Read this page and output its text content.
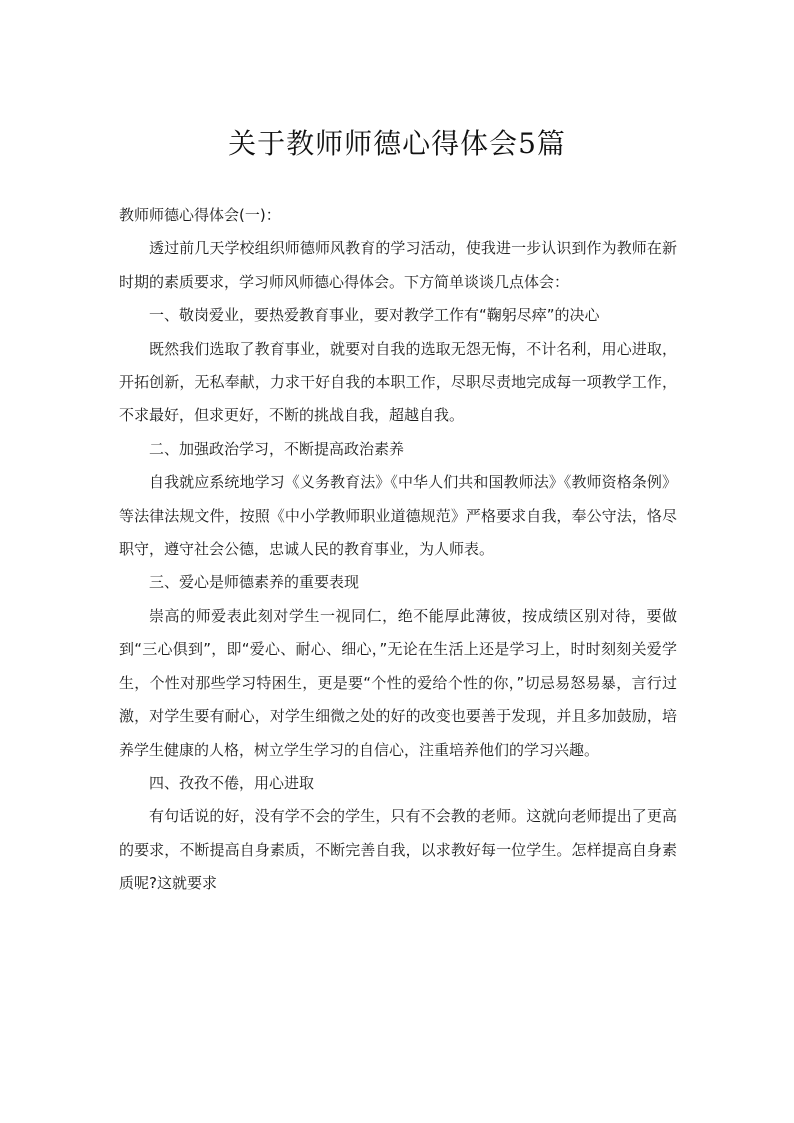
关于教师师德心得体会5篇

教师师德心得体会(一)：

透过前几天学校组织师德师风教育的学习活动，使我进一步认识到作为教师在新时期的素质要求，学习师风师德心得体会。下方简单谈谈几点体会：

一、敬岗爱业，要热爱教育事业，要对教学工作有“鞠躬尽瘁”的决心

既然我们选取了教育事业，就要对自我的选取无怨无悔，不计名利，用心进取，开拓创新，无私奉献，力求干好自我的本职工作，尽职尽责地完成每一项教学工作，不求最好，但求更好，不断的挑战自我，超越自我。

二、加强政治学习，不断提高政治素养

自我就应系统地学习《义务教育法》《中华人们共和国教师法》《教师资格条例》等法律法规文件，按照《中小学教师职业道德规范》严格要求自我，奉公守法，恪尽职守，遵守社会公德，忠诚人民的教育事业，为人师表。

三、爱心是师德素养的重要表现

崇高的师爱表此刻对学生一视同仁，绝不能厚此薄彼，按成绩区别对待，要做到“三心俱到”，即“爱心、耐心、细心，”无论在生活上还是学习上，时时刻刻关爱学生，个性对那些学习特困生，更是要“个性的爱给个性的你，”切忌易怒易暴，言行过激，对学生要有耐心，对学生细微之处的好的改变也要善于发现，并且多加鼓励，培养学生健康的人格，树立学生学习的自信心，注重培养他们的学习兴趣。

四、孜孜不倦，用心进取

有句话说的好，没有学不会的学生，只有不会教的老师。这就向老师提出了更高的要求，不断提高自身素质，不断完善自我，以求教好每一位学生。怎样提高自身素质呢?这就要求
